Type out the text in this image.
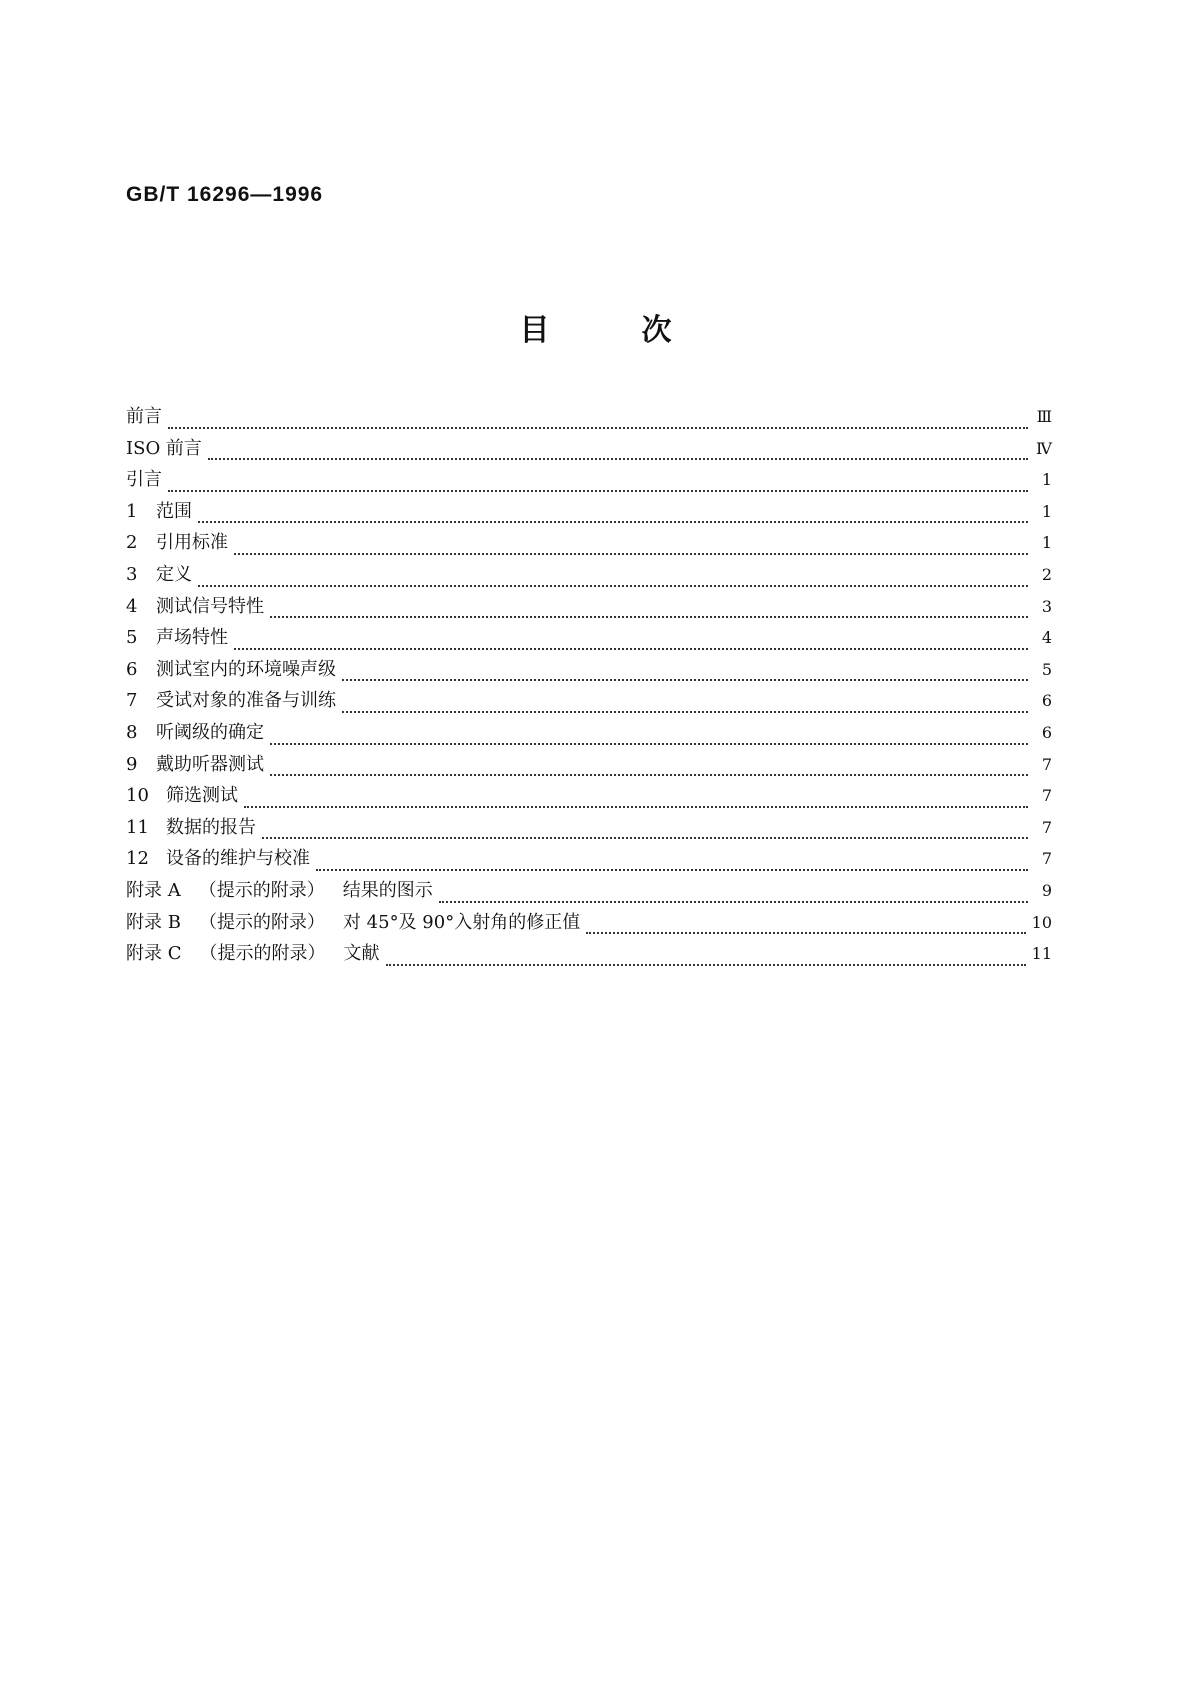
GB/T 16296—1996
目	次
前言	Ⅲ
ISO 前言	Ⅳ
引言	1
1	范围	1
2	引用标准	1
3	定义	2
4	测试信号特性	3
5	声场特性	4
6	测试室内的环境噪声级	5
7	受试对象的准备与训练	6
8	听阈级的确定	6
9	戴助听器测试	7
10 筛选测试	7
11 数据的报告	7
12 设备的维护与校准	7
附录 A	（提示的附录）	结果的图示	9
附录 B	（提示的附录）	对 45°及 90°入射角的修正值	10
附录 C	（提示的附录）	文献	11
